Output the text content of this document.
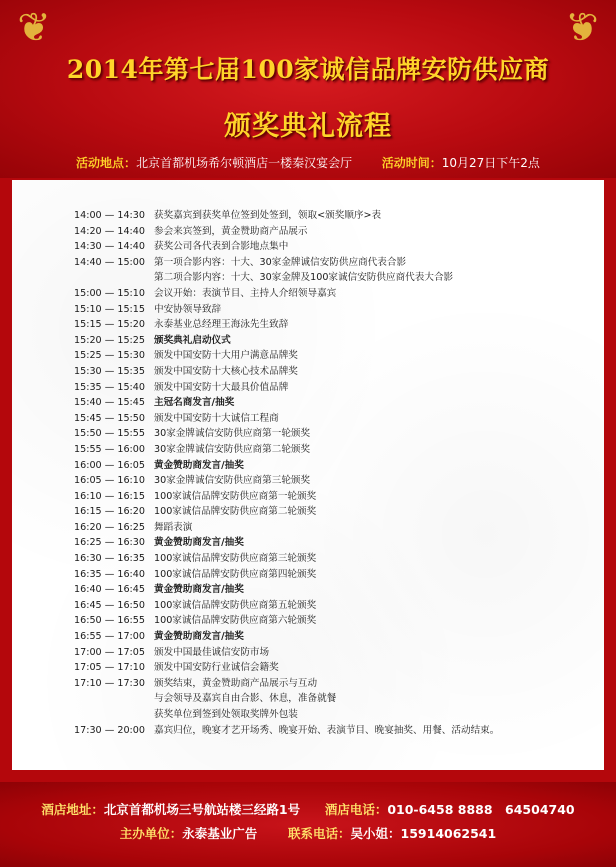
❦	❦
2014年第七届100家诚信品牌安防供应商
颁奖典礼流程
活动地点：北京首都机场希尔顿酒店一楼秦汉宴会厅 活动时间：10月27日下午2点
14:00 — 14:30 获奖嘉宾到获奖单位签到处签到，领取<颁奖顺序>表
14:20 — 14:40 参会来宾签到，黄金赞助商产品展示
14:30 — 14:40 获奖公司各代表到合影地点集中
14:40 — 15:00 第一项合影内容：十大、30家金牌诚信安防供应商代表合影
第二项合影内容：十大、30家金牌及100家诚信安防供应商代表大合影
15:00 — 15:10 会议开始：表演节目、主持人介绍领导嘉宾
15:10 — 15:15 中安协领导致辞
15:15 — 15:20 永泰基业总经理王海泳先生致辞
15:20 — 15:25 颁奖典礼启动仪式
15:25 — 15:30 颁发中国安防十大用户满意品牌奖
15:30 — 15:35 颁发中国安防十大核心技术品牌奖
15:35 — 15:40 颁发中国安防十大最具价值品牌
15:40 — 15:45 主冠名商发言/抽奖
15:45 — 15:50 颁发中国安防十大诚信工程商
15:50 — 15:55 30家金牌诚信安防供应商第一轮颁奖
15:55 — 16:00 30家金牌诚信安防供应商第二轮颁奖
16:00 — 16:05 黄金赞助商发言/抽奖
16:05 — 16:10 30家金牌诚信安防供应商第三轮颁奖
16:10 — 16:15 100家诚信品牌安防供应商第一轮颁奖
16:15 — 16:20 100家诚信品牌安防供应商第二轮颁奖
16:20 — 16:25 舞蹈表演
16:25 — 16:30 黄金赞助商发言/抽奖
16:30 — 16:35 100家诚信品牌安防供应商第三轮颁奖
16:35 — 16:40 100家诚信品牌安防供应商第四轮颁奖
16:40 — 16:45 黄金赞助商发言/抽奖
16:45 — 16:50 100家诚信品牌安防供应商第五轮颁奖
16:50 — 16:55 100家诚信品牌安防供应商第六轮颁奖
16:55 — 17:00 黄金赞助商发言/抽奖
17:00 — 17:05 颁发中国最佳诚信安防市场
17:05 — 17:10 颁发中国安防行业诚信会籍奖
17:10 — 17:30 颁奖结束，黄金赞助商产品展示与互动
与会领导及嘉宾自由合影、休息，准备就餐
获奖单位到签到处领取奖牌外包装
17:30 — 20:00 嘉宾归位，晚宴才艺开场秀、晚宴开始、表演节目、晚宴抽奖、用餐、活动结束。
酒店地址：北京首都机场三号航站楼三经路1号 酒店电话：010-6458 8888　64504740
主办单位：永泰基业广告 联系电话：吴小姐：15914062541
